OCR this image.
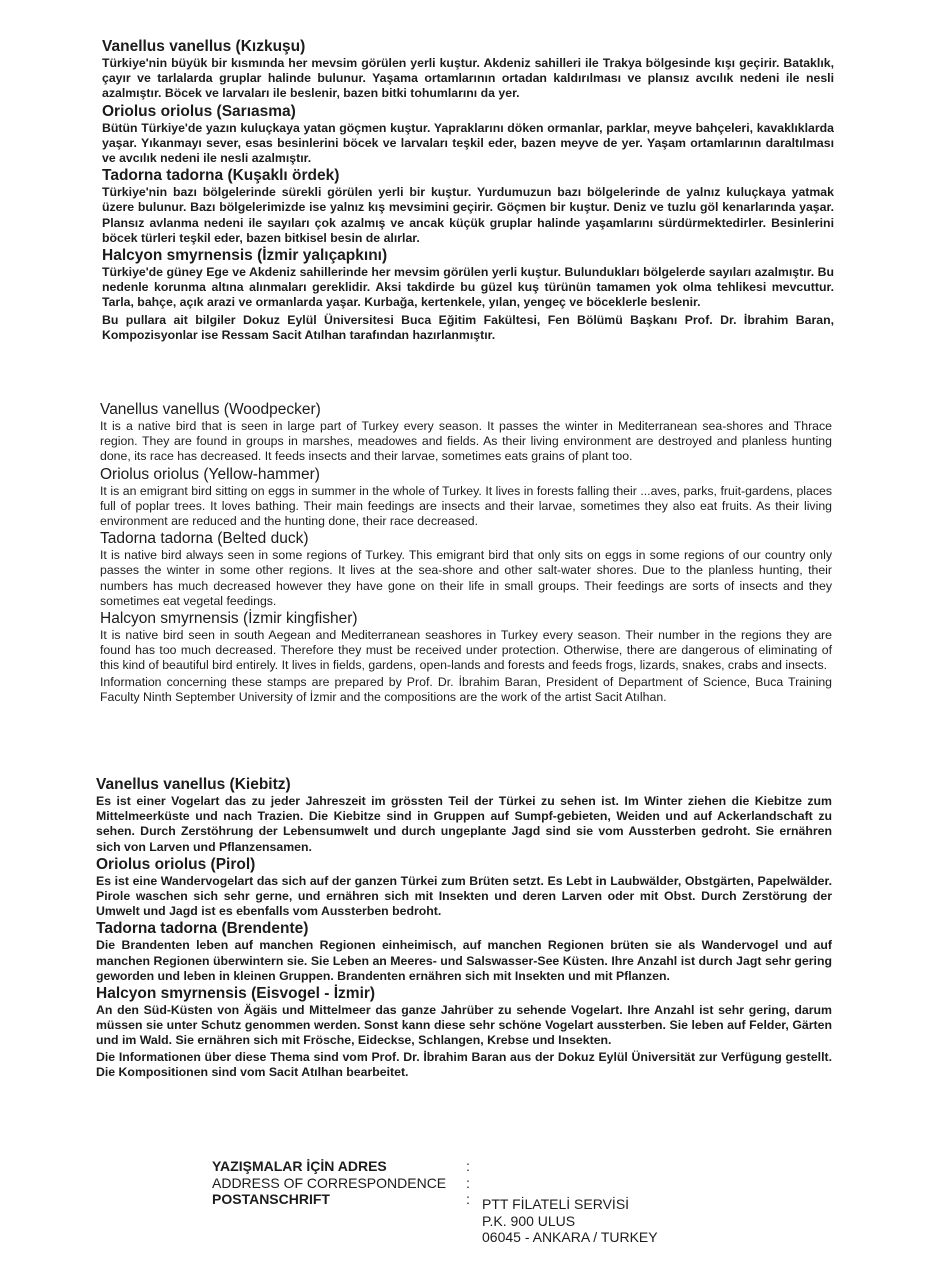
Vanellus vanellus (Kızkuşu)

Türkiye'nin büyük bir kısmında her mevsim görülen yerli kuştur. Akdeniz sahilleri ile Trakya bölgesinde kışı geçirir. Bataklık, çayır ve tarlalarda gruplar halinde bulunur. Yaşama ortamlarının ortadan kaldırılması ve plansız avcılık nedeni ile nesli azalmıştır. Böcek ve larvaları ile beslenir, bazen bitki tohumlarını da yer.

Oriolus oriolus (Sarıasma)

Bütün Türkiye'de yazın kuluçkaya yatan göçmen kuştur. Yapraklarını döken ormanlar, parklar, meyve bahçeleri, kavaklıklarda yaşar. Yıkanmayı sever, esas besinlerini böcek ve larvaları teşkil eder, bazen meyve de yer. Yaşam ortamlarının daraltılması ve avcılık nedeni ile nesli azalmıştır.

Tadorna tadorna (Kuşaklı ördek)

Türkiye'nin bazı bölgelerinde sürekli görülen yerli bir kuştur. Yurdumuzun bazı bölgelerinde de yalnız kuluçkaya yatmak üzere bulunur. Bazı bölgelerimizde ise yalnız kış mevsimini geçirir. Göçmen bir kuştur. Deniz ve tuzlu göl kenarlarında yaşar. Plansız avlanma nedeni ile sayıları çok azalmış ve ancak küçük gruplar halinde yaşamlarını sürdürmektedirler. Besinlerini böcek türleri teşkil eder, bazen bitkisel besin de alırlar.

Halcyon smyrnensis (İzmir yalıçapkını)

Türkiye'de güney Ege ve Akdeniz sahillerinde her mevsim görülen yerli kuştur. Bulundukları bölgelerde sayıları azalmıştır. Bu nedenle korunma altına alınmaları gereklidir. Aksi takdirde bu güzel kuş türünün tamamen yok olma tehlikesi mevcuttur. Tarla, bahçe, açık arazi ve ormanlarda yaşar. Kurbağa, kertenkele, yılan, yengeç ve böceklerle beslenir.

Bu pullara ait bilgiler Dokuz Eylül Üniversitesi Buca Eğitim Fakültesi, Fen Bölümü Başkanı Prof. Dr. İbrahim Baran, Kompozisyonlar ise Ressam Sacit Atılhan tarafından hazırlanmıştır.

Vanellus vanellus (Woodpecker)

It is a native bird that is seen in large part of Turkey every season. It passes the winter in Mediterranean sea-shores and Thrace region. They are found in groups in marshes, meadowes and fields. As their living environment are destroyed and planless hunting done, its race has decreased. It feeds insects and their larvae, sometimes eats grains of plant too.

Oriolus oriolus (Yellow-hammer)

It is an emigrant bird sitting on eggs in summer in the whole of Turkey. It lives in forests falling their ...aves, parks, fruit-gardens, places full of poplar trees. It loves bathing. Their main feedings are insects and their larvae, sometimes they also eat fruits. As their living environment are reduced and the hunting done, their race decreased.

Tadorna tadorna (Belted duck)

It is native bird always seen in some regions of Turkey. This emigrant bird that only sits on eggs in some regions of our country only passes the winter in some other regions. It lives at the sea-shore and other salt-water shores. Due to the planless hunting, their numbers has much decreased however they have gone on their life in small groups. Their feedings are sorts of insects and they sometimes eat vegetal feedings.

Halcyon smyrnensis (İzmir kingfisher)

It is native bird seen in south Aegean and Mediterranean seashores in Turkey every season. Their number in the regions they are found has too much decreased. Therefore they must be received under protection. Otherwise, there are dangerous of eliminating of this kind of beautiful bird entirely. It lives in fields, gardens, open-lands and forests and feeds frogs, lizards, snakes, crabs and insects.

Information concerning these stamps are prepared by Prof. Dr. İbrahim Baran, President of Department of Science, Buca Training Faculty Ninth September University of İzmir and the compositions are the work of the artist Sacit Atılhan.

Vanellus vanellus (Kiebitz)

Es ist einer Vogelart das zu jeder Jahreszeit im grössten Teil der Türkei zu sehen ist. Im Winter ziehen die Kiebitze zum Mittelmeerküste und nach Trazien. Die Kiebitze sind in Gruppen auf Sumpf-gebieten, Weiden und auf Ackerlandschaft zu sehen. Durch Zerstöhrung der Lebensumwelt und durch ungeplante Jagd sind sie vom Aussterben gedroht. Sie ernähren sich von Larven und Pflanzensamen.

Oriolus oriolus (Pirol)

Es ist eine Wandervogelart das sich auf der ganzen Türkei zum Brüten setzt. Es Lebt in Laubwälder, Obstgärten, Papelwälder. Pirole waschen sich sehr gerne, und ernähren sich mit Insekten und deren Larven oder mit Obst. Durch Zerstörung der Umwelt und Jagd ist es ebenfalls vom Aussterben bedroht.

Tadorna tadorna (Brendente)

Die Brandenten leben auf manchen Regionen einheimisch, auf manchen Regionen brüten sie als Wandervogel und auf manchen Regionen überwintern sie. Sie Leben an Meeres- und Salswasser-See Küsten. Ihre Anzahl ist durch Jagt sehr gering geworden und leben in kleinen Gruppen. Brandenten ernähren sich mit Insekten und mit Pflanzen.

Halcyon smyrnensis (Eisvogel - İzmir)

An den Süd-Küsten von Ägäis und Mittelmeer das ganze Jahrüber zu sehende Vogelart. Ihre Anzahl ist sehr gering, darum müssen sie unter Schutz genommen werden. Sonst kann diese sehr schöne Vogelart aussterben. Sie leben auf Felder, Gärten und im Wald. Sie ernähren sich mit Frösche, Eideckse, Schlangen, Krebse und Insekten.

Die Informationen über diese Thema sind vom Prof. Dr. İbrahim Baran aus der Dokuz Eylül Üniversität zur Verfügung gestellt. Die Kompositionen sind vom Sacit Atılhan bearbeitet.

YAZIŞMALAR İÇİN ADRES	:
ADDRESS OF CORRESPONDENCE	:
POSTANSCHRIFT	: PTT FİLATELİ SERVİSİ
P.K. 900 ULUS
06045 - ANKARA / TURKEY
